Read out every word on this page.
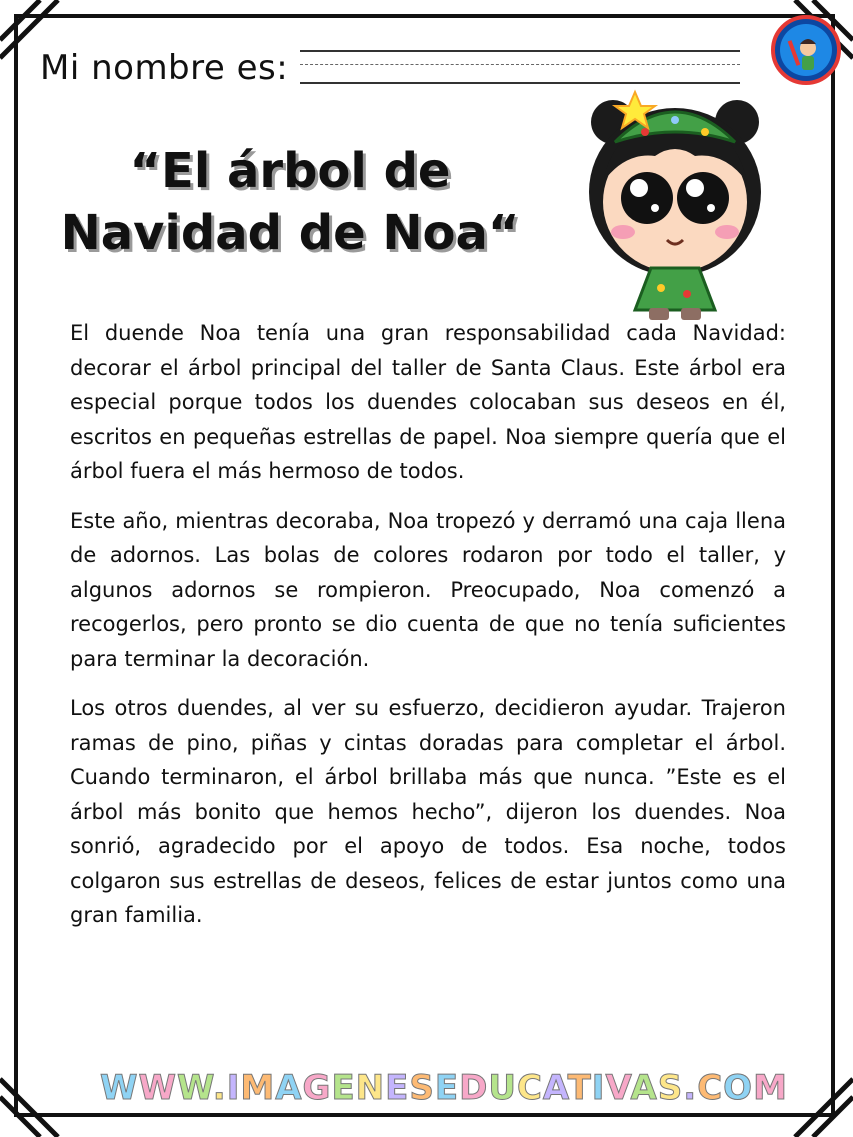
Mi nombre es:
“El árbol de
Navidad de Noa“

El duende Noa tenía una gran responsabilidad cada Navidad: decorar el árbol principal del taller de Santa Claus. Este árbol era especial porque todos los duendes colocaban sus deseos en él, escritos en pequeñas estrellas de papel. Noa siempre quería que el árbol fuera el más hermoso de todos.

Este año, mientras decoraba, Noa tropezó y derramó una caja llena de adornos. Las bolas de colores rodaron por todo el taller, y algunos adornos se rompieron. Preocupado, Noa comenzó a recogerlos, pero pronto se dio cuenta de que no tenía suficientes para terminar la decoración.

Los otros duendes, al ver su esfuerzo, decidieron ayudar. Trajeron ramas de pino, piñas y cintas doradas para completar el árbol. Cuando terminaron, el árbol brillaba más que nunca. ”Este es el árbol más bonito que hemos hecho”, dijeron los duendes. Noa sonrió, agradecido por el apoyo de todos. Esa noche, todos colgaron sus estrellas de deseos, felices de estar juntos como una gran familia.

WWW.IMAGENESEDUCATIVAS.COM
